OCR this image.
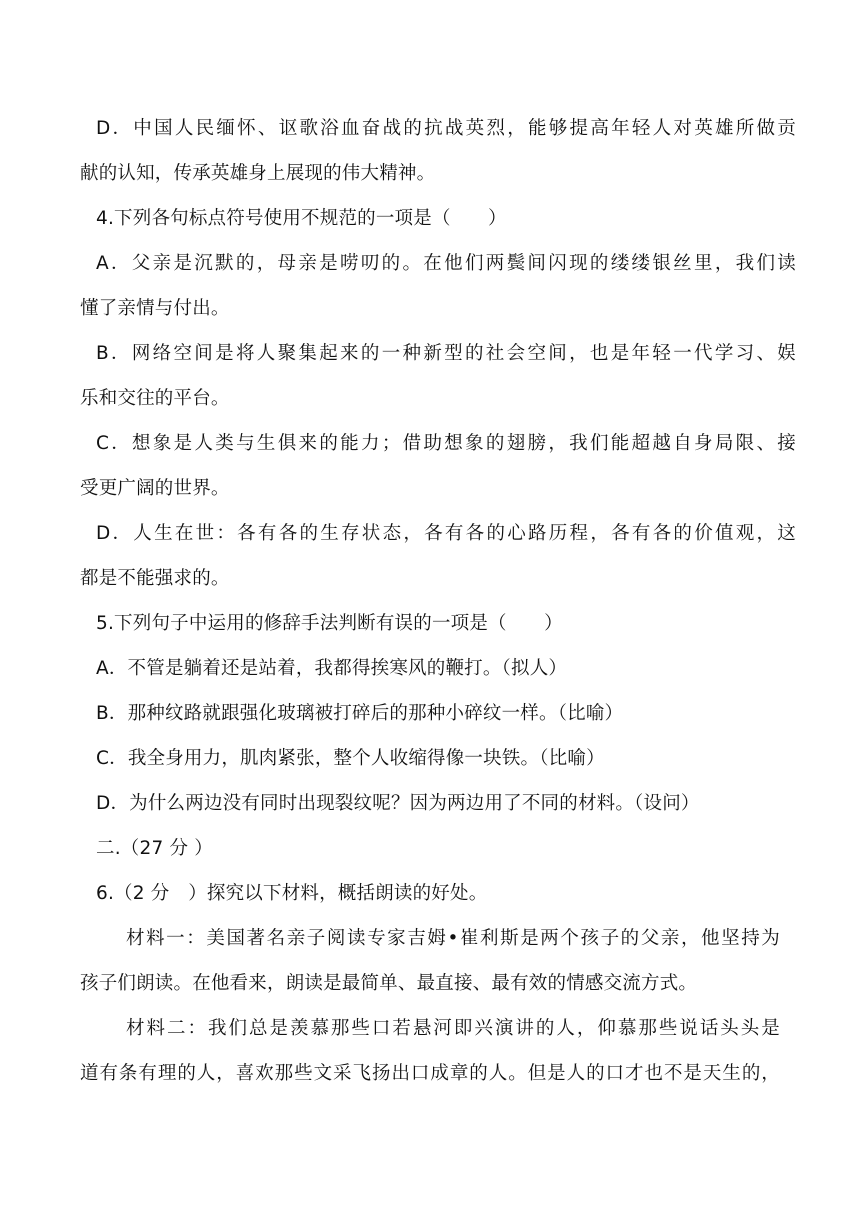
D．中国人民缅怀、讴歌浴血奋战的抗战英烈，能够提高年轻人对英雄所做贡
献的认知，传承英雄身上展现的伟大精神。
4.下列各句标点符号使用不规范的一项是（　　）
A．父亲是沉默的，母亲是唠叨的。在他们两鬓间闪现的缕缕银丝里，我们读
懂了亲情与付出。
B．网络空间是将人聚集起来的一种新型的社会空间，也是年轻一代学习、娱
乐和交往的平台。
C．想象是人类与生俱来的能力；借助想象的翅膀，我们能超越自身局限、接
受更广阔的世界。
D．人生在世：各有各的生存状态，各有各的心路历程，各有各的价值观，这
都是不能强求的。
5.下列句子中运用的修辞手法判断有误的一项是（　　）
A．不管是躺着还是站着，我都得挨寒风的鞭打。（拟人）
B．那种纹路就跟强化玻璃被打碎后的那种小碎纹一样。（比喻）
C．我全身用力，肌肉紧张，整个人收缩得像一块铁。（比喻）
D．为什么两边没有同时出现裂纹呢？因为两边用了不同的材料。（设问）
二.（27 分 ）
6.（2 分　）探究以下材料，概括朗读的好处。
材料一：美国著名亲子阅读专家吉姆•崔利斯是两个孩子的父亲，他坚持为
孩子们朗读。在他看来，朗读是最简单、最直接、最有效的情感交流方式。
材料二：我们总是羡慕那些口若悬河即兴演讲的人，仰慕那些说话头头是
道有条有理的人，喜欢那些文采飞扬出口成章的人。但是人的口才也不是天生的，
